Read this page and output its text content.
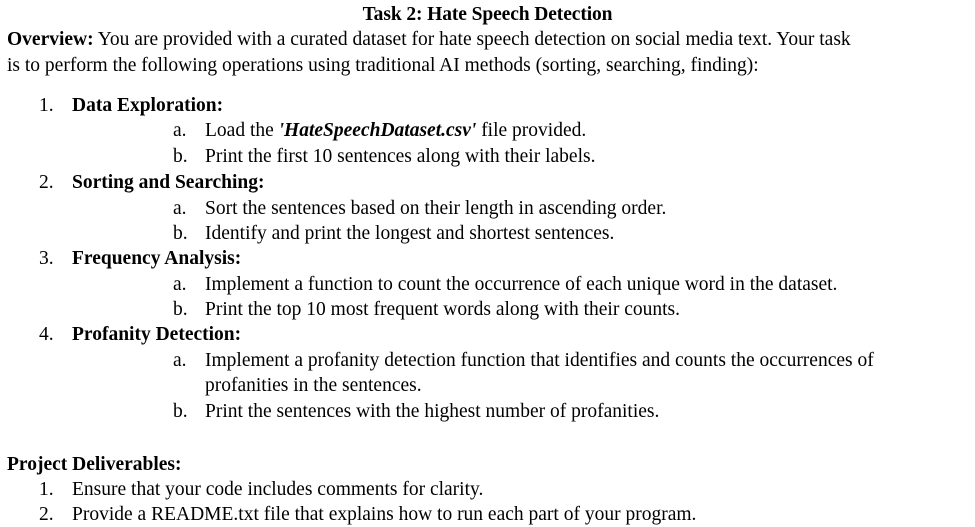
Task 2: Hate Speech Detection
Overview: You are provided with a curated dataset for hate speech detection on social media text. Your task
is to perform the following operations using traditional AI methods (sorting, searching, finding):
1. Data Exploration:
a. Load the 'HateSpeechDataset.csv' file provided.
b. Print the first 10 sentences along with their labels.
2. Sorting and Searching:
a. Sort the sentences based on their length in ascending order.
b. Identify and print the longest and shortest sentences.
3. Frequency Analysis:
a. Implement a function to count the occurrence of each unique word in the dataset.
b. Print the top 10 most frequent words along with their counts.
4. Profanity Detection:
a. Implement a profanity detection function that identifies and counts the occurrences of
profanities in the sentences.
b. Print the sentences with the highest number of profanities.
Project Deliverables:
1. Ensure that your code includes comments for clarity.
2. Provide a README.txt file that explains how to run each part of your program.
